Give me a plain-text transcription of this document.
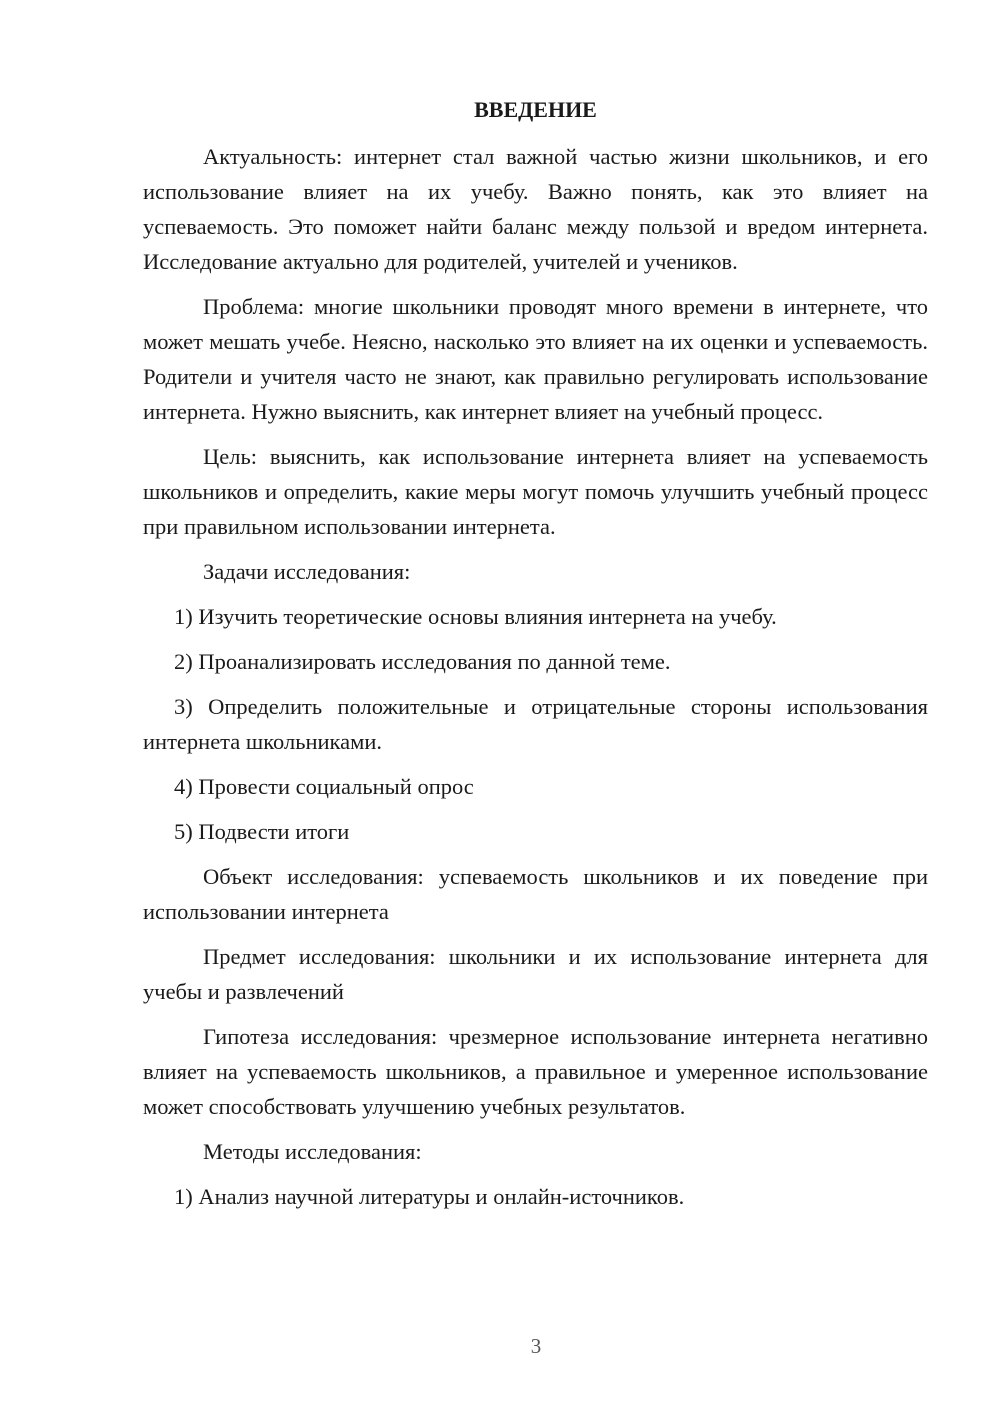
ВВЕДЕНИЕ

Актуальность: интернет стал важной частью жизни школьников, и его использование влияет на их учебу. Важно понять, как это влияет на успеваемость. Это поможет найти баланс между пользой и вредом интернета. Исследование актуально для родителей, учителей и учеников.

Проблема: многие школьники проводят много времени в интернете, что может мешать учебе. Неясно, насколько это влияет на их оценки и успеваемость. Родители и учителя часто не знают, как правильно регулировать использование интернета. Нужно выяснить, как интернет влияет на учебный процесс.

Цель: выяснить, как использование интернета влияет на успеваемость школьников и определить, какие меры могут помочь улучшить учебный процесс при правильном использовании интернета.

Задачи исследования:

1) Изучить теоретические основы влияния интернета на учебу.

2) Проанализировать исследования по данной теме.

3) Определить положительные и отрицательные стороны использования интернета школьниками.

4) Провести социальный опрос

5) Подвести итоги

Объект исследования: успеваемость школьников и их поведение при использовании интернета

Предмет исследования: школьники и их использование интернета для учебы и развлечений

Гипотеза исследования: чрезмерное использование интернета негативно влияет на успеваемость школьников, а правильное и умеренное использование может способствовать улучшению учебных результатов.

Методы исследования:

1) Анализ научной литературы и онлайн-источников.

3
